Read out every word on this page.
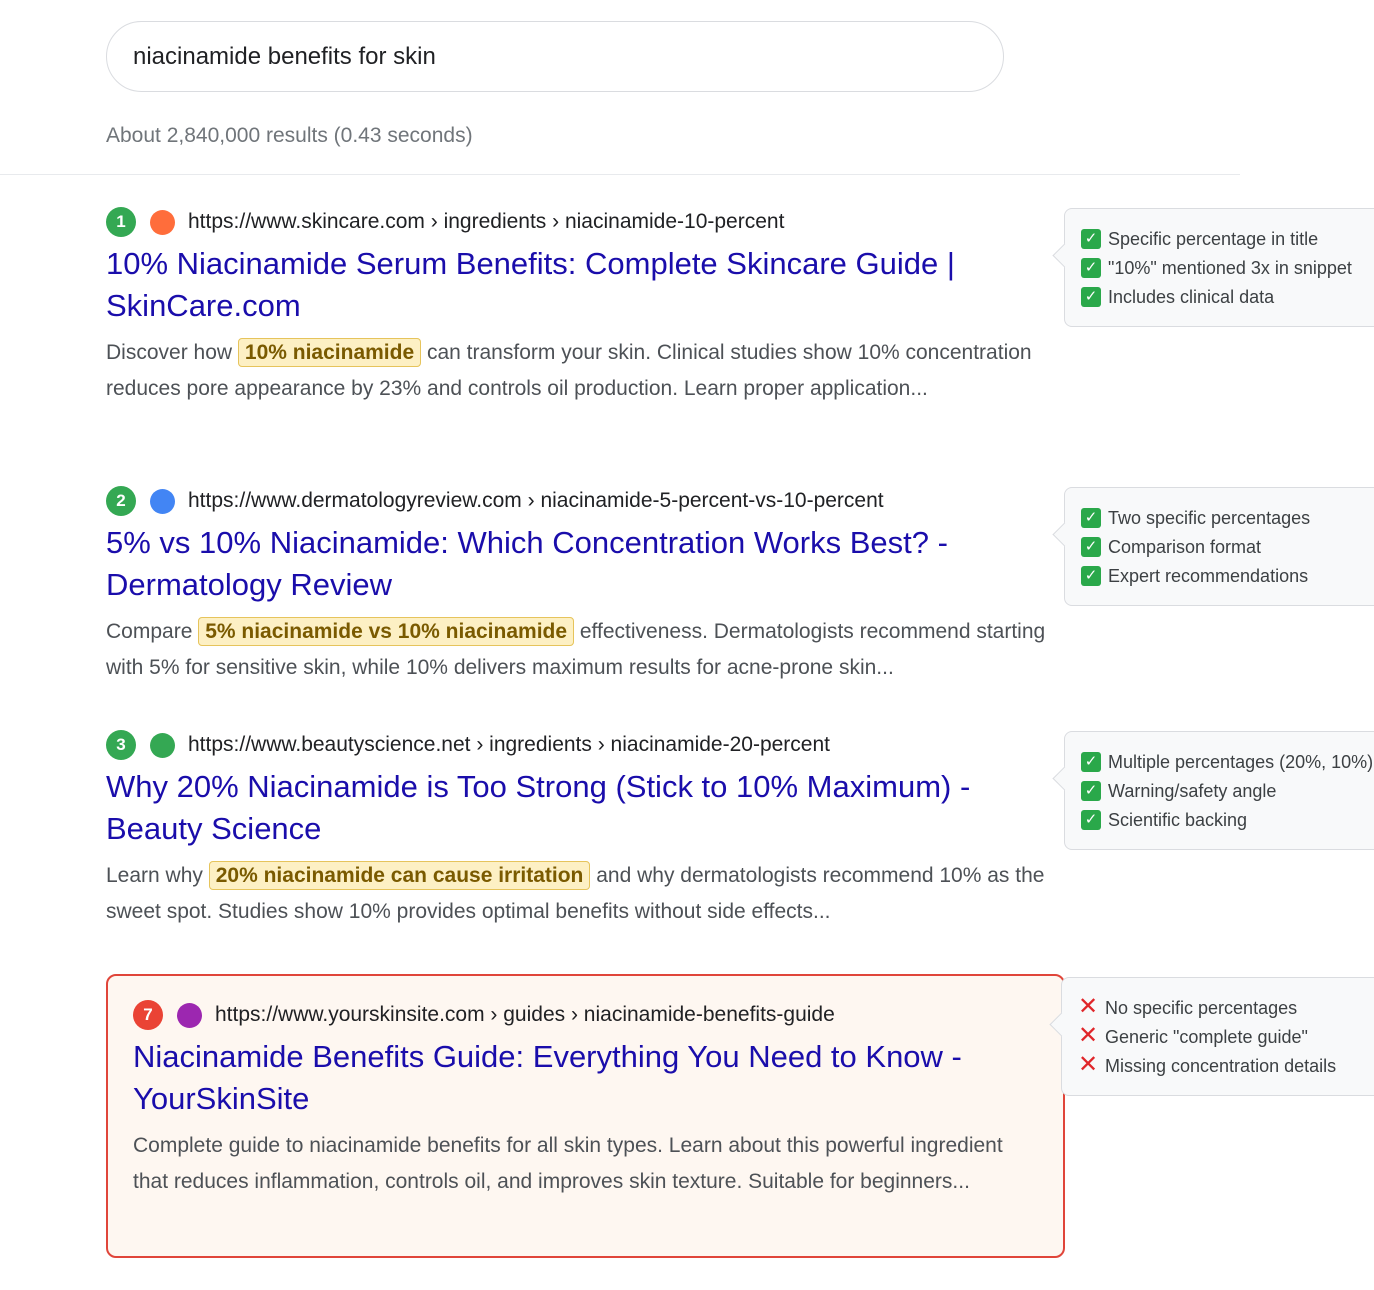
niacinamide benefits for skin
About 2,840,000 results (0.43 seconds)
1	https://www.skincare.com › ingredients › niacinamide-10-percent
10% Niacinamide Serum Benefits: Complete Skincare Guide | SkinCare.com
Discover how 10% niacinamide can transform your skin. Clinical studies show 10% concentration reduces pore appearance by 23% and controls oil production. Learn proper application...
✓ Specific percentage in title
✓ "10%" mentioned 3x in snippet
✓ Includes clinical data
2	https://www.dermatologyreview.com › niacinamide-5-percent-vs-10-percent
5% vs 10% Niacinamide: Which Concentration Works Best? - Dermatology Review
Compare 5% niacinamide vs 10% niacinamide effectiveness. Dermatologists recommend starting with 5% for sensitive skin, while 10% delivers maximum results for acne-prone skin...
✓ Two specific percentages
✓ Comparison format
✓ Expert recommendations
3	https://www.beautyscience.net › ingredients › niacinamide-20-percent
Why 20% Niacinamide is Too Strong (Stick to 10% Maximum) - Beauty Science
Learn why 20% niacinamide can cause irritation and why dermatologists recommend 10% as the sweet spot. Studies show 10% provides optimal benefits without side effects...
✓ Multiple percentages (20%, 10%)
✓ Warning/safety angle
✓ Scientific backing
7	https://www.yourskinsite.com › guides › niacinamide-benefits-guide
Niacinamide Benefits Guide: Everything You Need to Know - YourSkinSite
Complete guide to niacinamide benefits for all skin types. Learn about this powerful ingredient that reduces inflammation, controls oil, and improves skin texture. Suitable for beginners...
✕ No specific percentages
✕ Generic "complete guide"
✕ Missing concentration details
